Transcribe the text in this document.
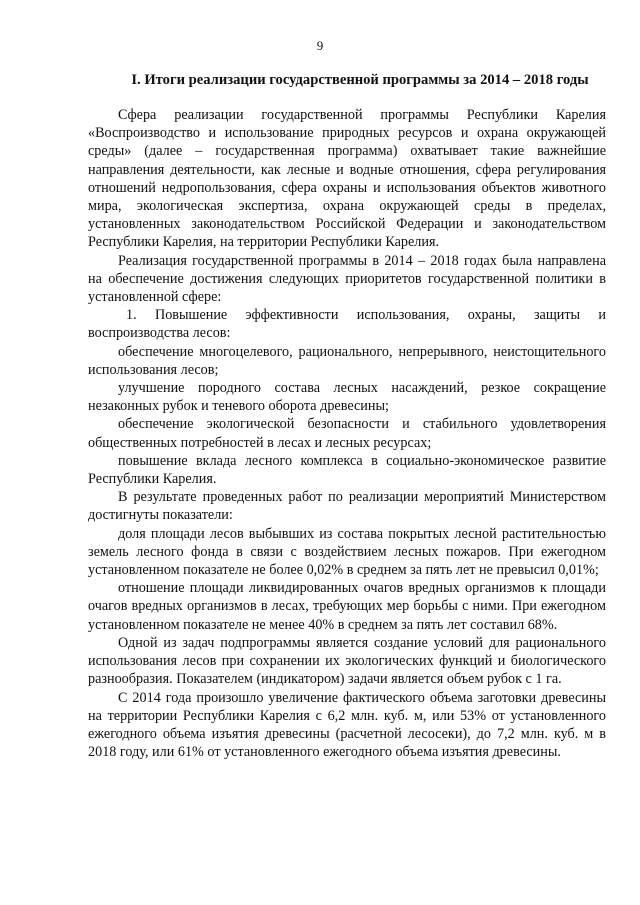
9
I. Итоги реализации государственной программы за 2014 – 2018 годы

Сфера реализации государственной программы Республики Карелия «Воспроизводство и использование природных ресурсов и охрана окружающей среды» (далее – государственная программа) охватывает такие важнейшие направления деятельности, как лесные и водные отношения, сфера регулирования отношений недропользования, сфера охраны и использования объектов животного мира, экологическая экспертиза, охрана окружающей среды в пределах, установленных законодательством Российской Федерации и законодательством Республики Карелия, на территории Республики Карелия.

Реализация государственной программы в 2014 – 2018 годах была направлена на обеспечение достижения следующих приоритетов государственной политики в установленной сфере:

1. Повышение эффективности использования, охраны, защиты и воспроизводства лесов:

обеспечение многоцелевого, рационального, непрерывного, неистощительного использования лесов;

улучшение породного состава лесных насаждений, резкое сокращение незаконных рубок и теневого оборота древесины;

обеспечение экологической безопасности и стабильного удовлетворения общественных потребностей в лесах и лесных ресурсах;

повышение вклада лесного комплекса в социально-экономическое развитие Республики Карелия.

В результате проведенных работ по реализации мероприятий Министерством достигнуты показатели:

доля площади лесов выбывших из состава покрытых лесной растительностью земель лесного фонда в связи с воздействием лесных пожаров. При ежегодном установленном показателе не более 0,02% в среднем за пять лет не превысил 0,01%;

отношение площади ликвидированных очагов вредных организмов к площади очагов вредных организмов в лесах, требующих мер борьбы с ними. При ежегодном установленном показателе не менее 40% в среднем за пять лет составил 68%.

Одной из задач подпрограммы является создание условий для рационального использования лесов при сохранении их экологических функций и биологического разнообразия. Показателем (индикатором) задачи является объем рубок с 1 га.

С 2014 года произошло увеличение фактического объема заготовки древесины на территории Республики Карелия с 6,2 млн. куб. м, или 53% от установленного ежегодного объема изъятия древесины (расчетной лесосеки), до 7,2 млн. куб. м в 2018 году, или 61% от установленного ежегодного объема изъятия древесины.
